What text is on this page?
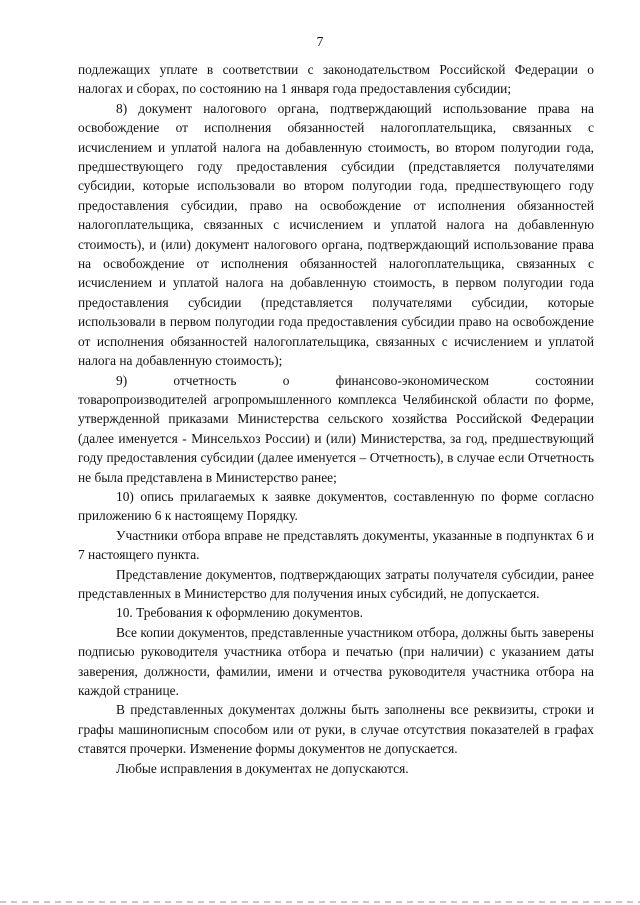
7

подлежащих уплате в соответствии с законодательством Российской Федерации о налогах и сборах, по состоянию на 1 января года предоставления субсидии;

8) документ налогового органа, подтверждающий использование права на освобождение от исполнения обязанностей налогоплательщика, связанных с исчислением и уплатой налога на добавленную стоимость, во втором полугодии года, предшествующего году предоставления субсидии (представляется получателями субсидии, которые использовали во втором полугодии года, предшествующего году предоставления субсидии, право на освобождение от исполнения обязанностей налогоплательщика, связанных с исчислением и уплатой налога на добавленную стоимость), и (или) документ налогового органа, подтверждающий использование права на освобождение от исполнения обязанностей налогоплательщика, связанных с исчислением и уплатой налога на добавленную стоимость, в первом полугодии года предоставления субсидии (представляется получателями субсидии, которые использовали в первом полугодии года предоставления субсидии право на освобождение от исполнения обязанностей налогоплательщика, связанных с исчислением и уплатой налога на добавленную стоимость);

9)	отчетность	о	финансово-экономическом	состоянии

товаропроизводителей агропромышленного комплекса Челябинской области по форме, утвержденной приказами Министерства сельского хозяйства Российской Федерации (далее именуется - Минсельхоз России) и (или) Министерства, за год, предшествующий году предоставления субсидии (далее именуется – Отчетность), в случае если Отчетность не была представлена в Министерство ранее;

10) опись прилагаемых к заявке документов, составленную по форме согласно приложению 6 к настоящему Порядку.

Участники отбора вправе не представлять документы, указанные в подпунктах 6 и 7 настоящего пункта.

Представление документов, подтверждающих затраты получателя субсидии, ранее представленных в Министерство для получения иных субсидий, не допускается.

10. Требования к оформлению документов.

Все копии документов, представленные участником отбора, должны быть заверены подписью руководителя участника отбора и печатью (при наличии) с указанием даты заверения, должности, фамилии, имени и отчества руководителя участника отбора на каждой странице.

В представленных документах должны быть заполнены все реквизиты, строки и графы машинописным способом или от руки, в случае отсутствия показателей в графах ставятся прочерки. Изменение формы документов не допускается.

Любые исправления в документах не допускаются.
